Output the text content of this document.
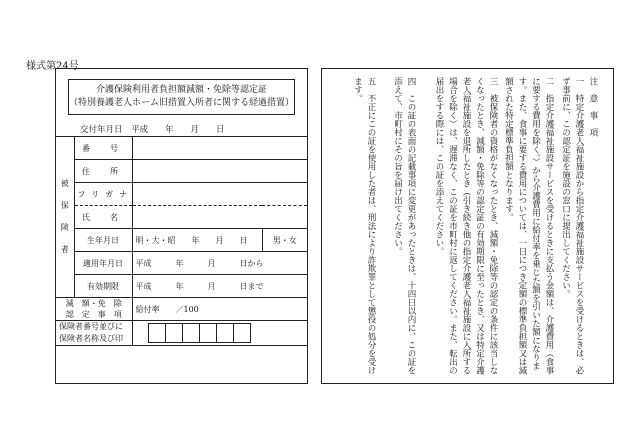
様式第24号
介護保険利用者負担額減額・免除等認定証
（特別養護老人ホーム旧措置入所者に関する経過措置）
交付年月日　 平成　　年　　月　　日
被
保
険
者	番　号		
	住　所		
	フリガナ		
	氏　名		
	生年月日	明・大・昭　　年　　月　　日	男・女
	適用年月日	平成　　　年　　　月　　　日から	
	有効期限	平成　　　年　　　月　　　日まで	

減　額・免　除
認　定　事　項		給付率　　／100	
保険者番号並びに保険者名称及び印			
注　意　事　項
一　特定介護老人福祉施設から指定介護福祉施設サービスを受けるときは、必ず事前に、この認定証を施設の窓口に提出してください。
二　指定介護福祉施設サービスを受けるときに支払う金額は、介護費用（食事に要する費用を除く。）から介護費用に給付率を乗じた額を引いた額になります。また、食事に要する費用については、一日につき定額の標準負担額又は減額された特定標準負担額となります。
三　被保険者の資格がなくなったとき、減額・免除等の認定の条件に該当しなくなったとき、減額・免除等の認定証の有効期限に至ったとき、又は特定介護老人福祉施設を退所したとき（引き続き他の指定介護老人福祉施設に入所する場合を除く）は、遅滞なく、この証を市町村に返してください。また、転出の届出をする際には、この証を添えてください。
四　この証の表面の記載事項に変更があったときは、十四日以内に、この証を添えて、市町村にその旨を届け出てください。
五　不正にこの証を使用した者は、刑法により詐欺罪として懲役の処分を受けます。
